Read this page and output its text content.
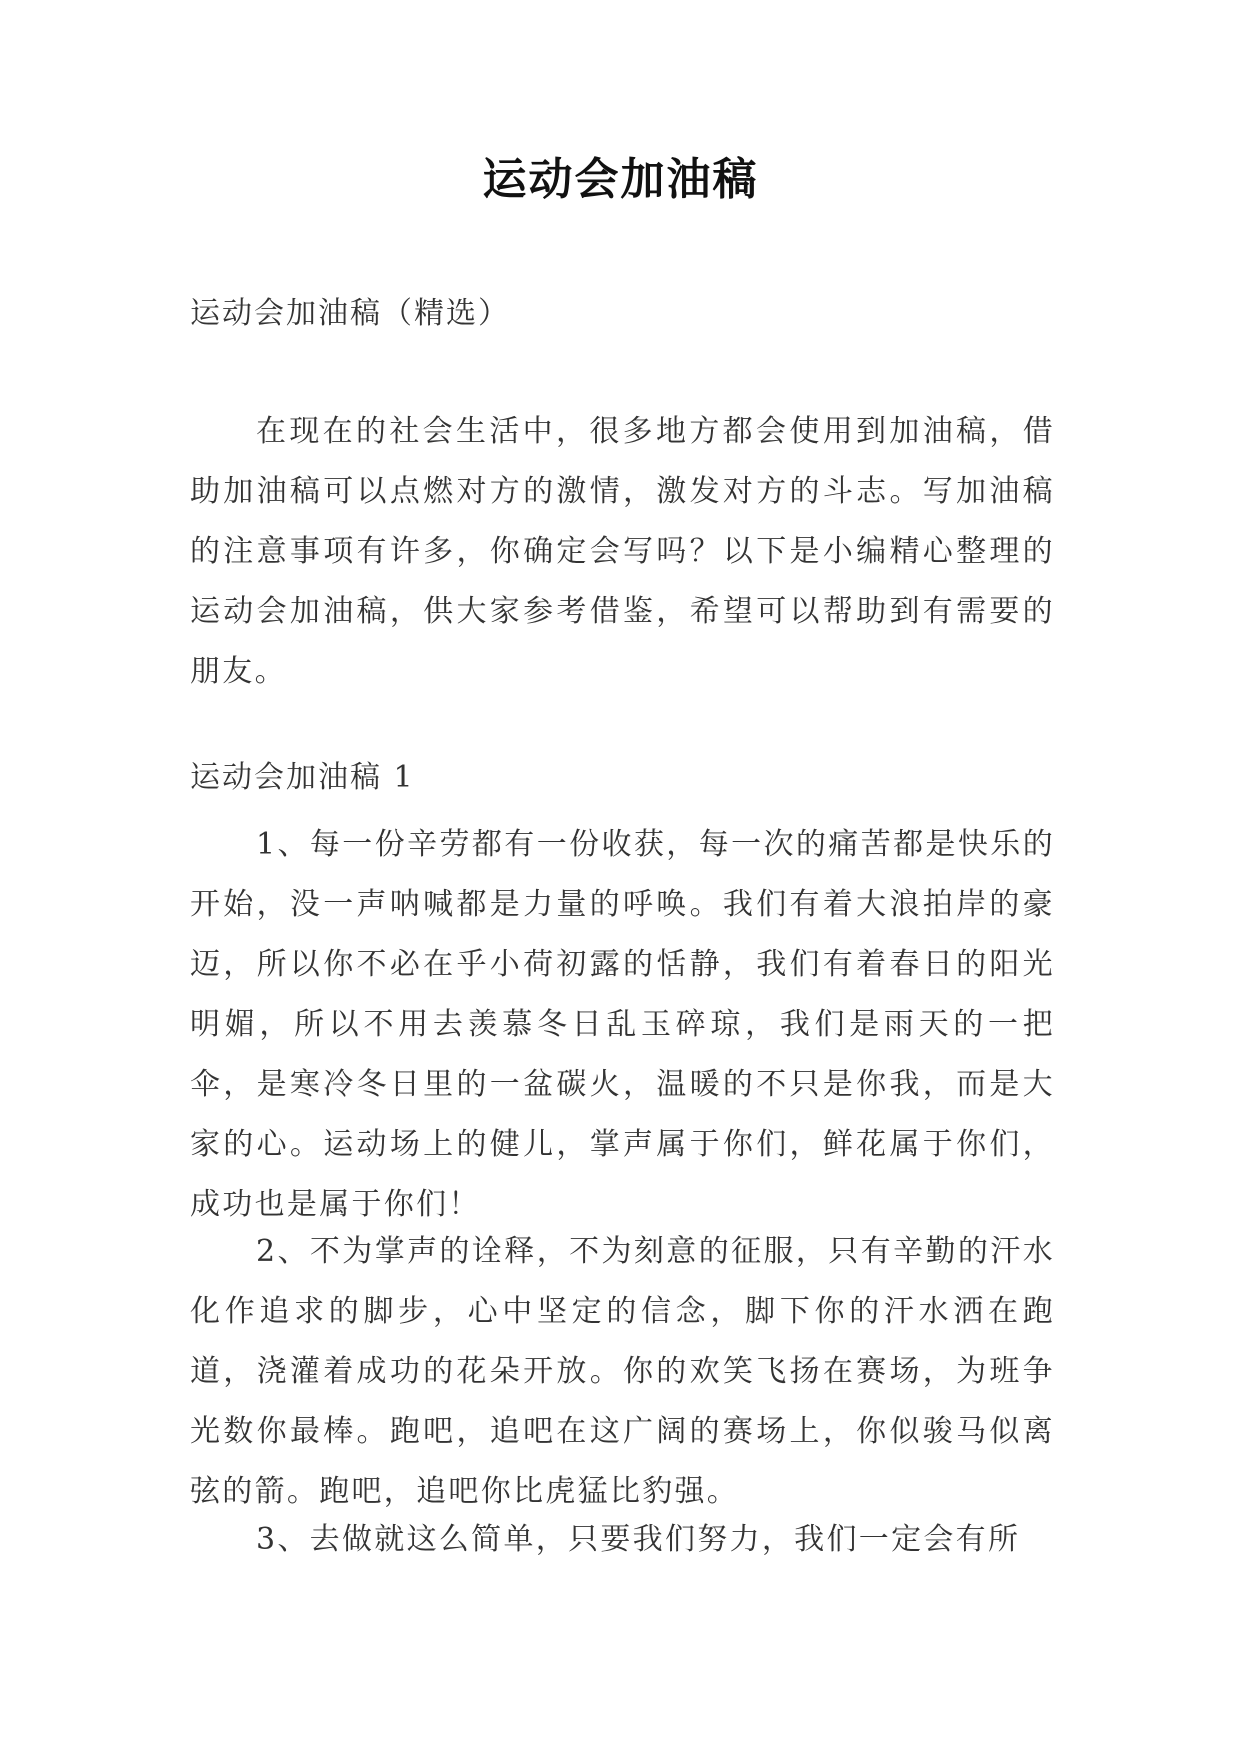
运动会加油稿
运动会加油稿（精选）

在现在的社会生活中，很多地方都会使用到加油稿，借助加油稿可以点燃对方的激情，激发对方的斗志。写加油稿的注意事项有许多，你确定会写吗？以下是小编精心整理的运动会加油稿，供大家参考借鉴，希望可以帮助到有需要的朋友。

运动会加油稿 1

1、每一份辛劳都有一份收获，每一次的痛苦都是快乐的开始，没一声呐喊都是力量的呼唤。我们有着大浪拍岸的豪迈，所以你不必在乎小荷初露的恬静，我们有着春日的阳光明媚，所以不用去羡慕冬日乱玉碎琼，我们是雨天的一把伞，是寒冷冬日里的一盆碳火，温暖的不只是你我，而是大家的心。运动场上的健儿，掌声属于你们，鲜花属于你们，成功也是属于你们！

2、不为掌声的诠释，不为刻意的征服，只有辛勤的汗水化作追求的脚步，心中坚定的信念，脚下你的汗水洒在跑道，浇灌着成功的花朵开放。你的欢笑飞扬在赛场，为班争光数你最棒。跑吧，追吧在这广阔的赛场上，你似骏马似离弦的箭。跑吧，追吧你比虎猛比豹强。

3、去做就这么简单，只要我们努力，我们一定会有所
